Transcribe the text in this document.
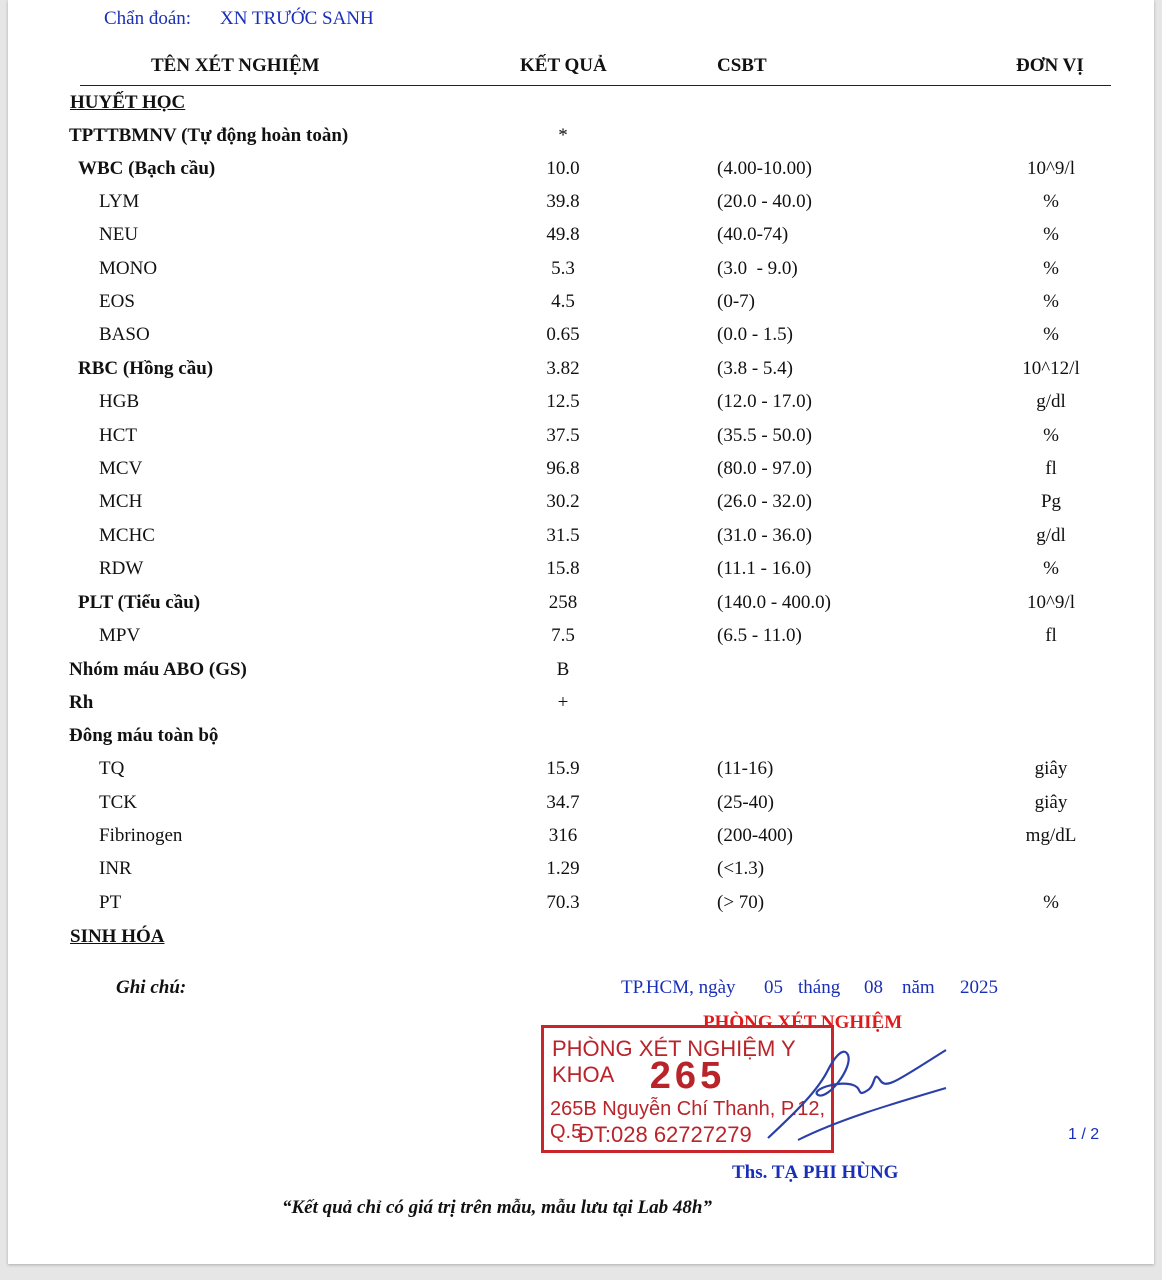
Chẩn đoán: XN TRƯỚC SANH
TÊN XÉT NGHIỆM	KẾT QUẢ	CSBT	ĐƠN VỊ
HUYẾT HỌC
TPTTBMNV (Tự động hoàn toàn)	*
WBC (Bạch cầu)	10.0	(4.00-10.00)	10^9/l
LYM	39.8	(20.0 - 40.0)	%
NEU	49.8	(40.0-74)	%
MONO	5.3	(3.0  - 9.0)	%
EOS	4.5	(0-7)	%
BASO	0.65	(0.0 - 1.5)	%
RBC (Hồng cầu)	3.82	(3.8 - 5.4)	10^12/l
HGB	12.5	(12.0 - 17.0)	g/dl
HCT	37.5	(35.5 - 50.0)	%
MCV	96.8	(80.0 - 97.0)	fl
MCH	30.2	(26.0 - 32.0)	Pg
MCHC	31.5	(31.0 - 36.0)	g/dl
RDW	15.8	(11.1 - 16.0)	%
PLT (Tiểu cầu)	258	(140.0 - 400.0)	10^9/l
MPV	7.5	(6.5 - 11.0)	fl
Nhóm máu ABO (GS)	B
Rh	+
Đông máu toàn bộ
TQ	15.9	(11-16)	giây
TCK	34.7	(25-40)	giây
Fibrinogen	316	(200-400)	mg/dL
INR	1.29	(<1.3)
PT	70.3	(> 70)	%
SINH HÓA
Ghi chú:	TP.HCM, ngày 05 tháng 08 năm 2025
PHÒNG XÉT NGHIỆM
PHÒNG XÉT NGHIỆM Y KHOA 265
265B Nguyễn Chí Thanh, P.12, Q.5
ĐT:028 62727279	1 / 2
Ths. TẠ PHI HÙNG
“Kết quả chỉ có giá trị trên mẫu, mẫu lưu tại Lab 48h”
